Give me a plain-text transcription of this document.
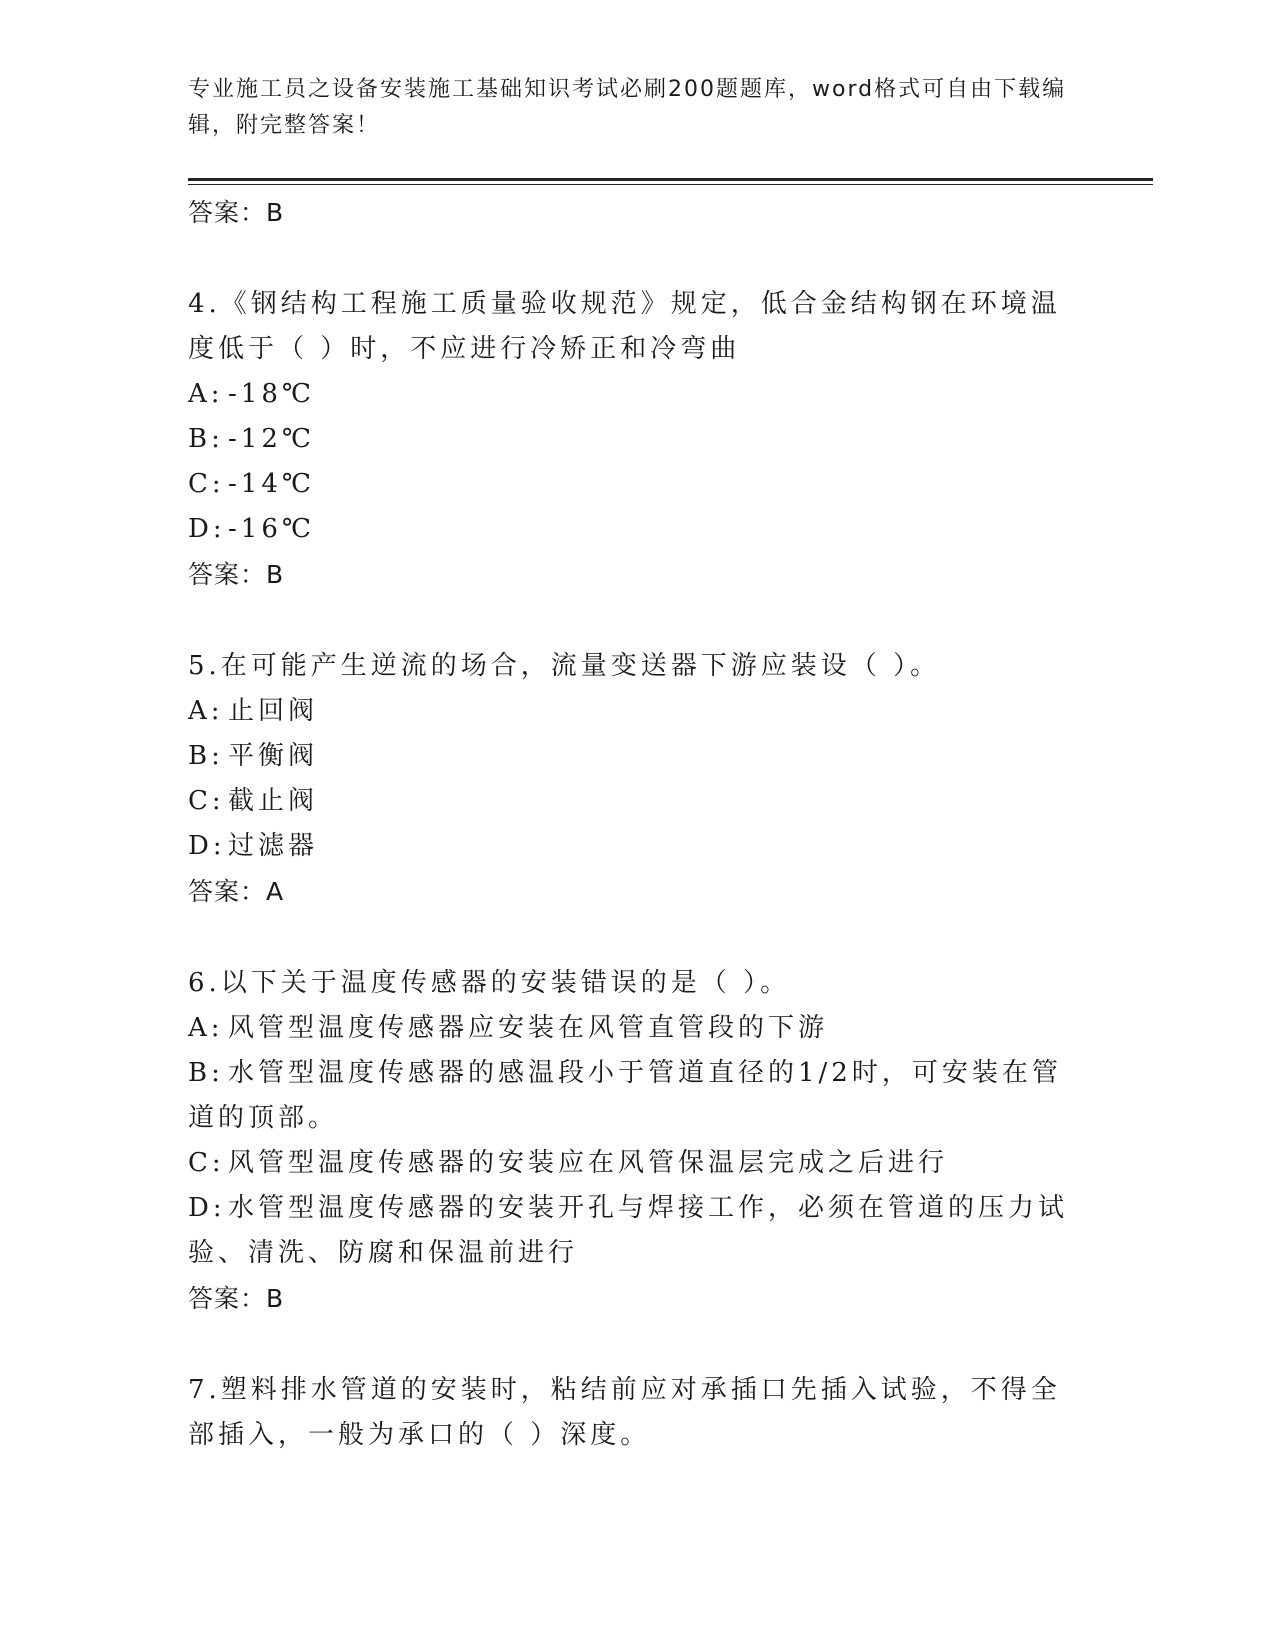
专业施工员之设备安装施工基础知识考试必刷200题题库，word格式可自由下载编辑，附完整答案！
答案：B
4.《钢结构工程施工质量验收规范》规定，低合金结构钢在环境温度低于（ ）时，不应进行冷矫正和冷弯曲
A: -18℃
B: -12℃
C: -14℃
D:-16℃
答案：B
5.在可能产生逆流的场合，流量变送器下游应装设（ ）。
A: 止回阀
B: 平衡阀
C: 截止阀
D:过滤器
答案：A
6.以下关于温度传感器的安装错误的是（ ）。
A: 风管型温度传感器应安装在风管直管段的下游
B: 水管型温度传感器的感温段小于管道直径的1/2时，可安装在管道的顶部。
C: 风管型温度传感器的安装应在风管保温层完成之后进行
D:水管型温度传感器的安装开孔与焊接工作，必须在管道的压力试验、清洗、防腐和保温前进行
答案：B
7.塑料排水管道的安装时，粘结前应对承插口先插入试验，不得全部插入，一般为承口的（ ）深度。
